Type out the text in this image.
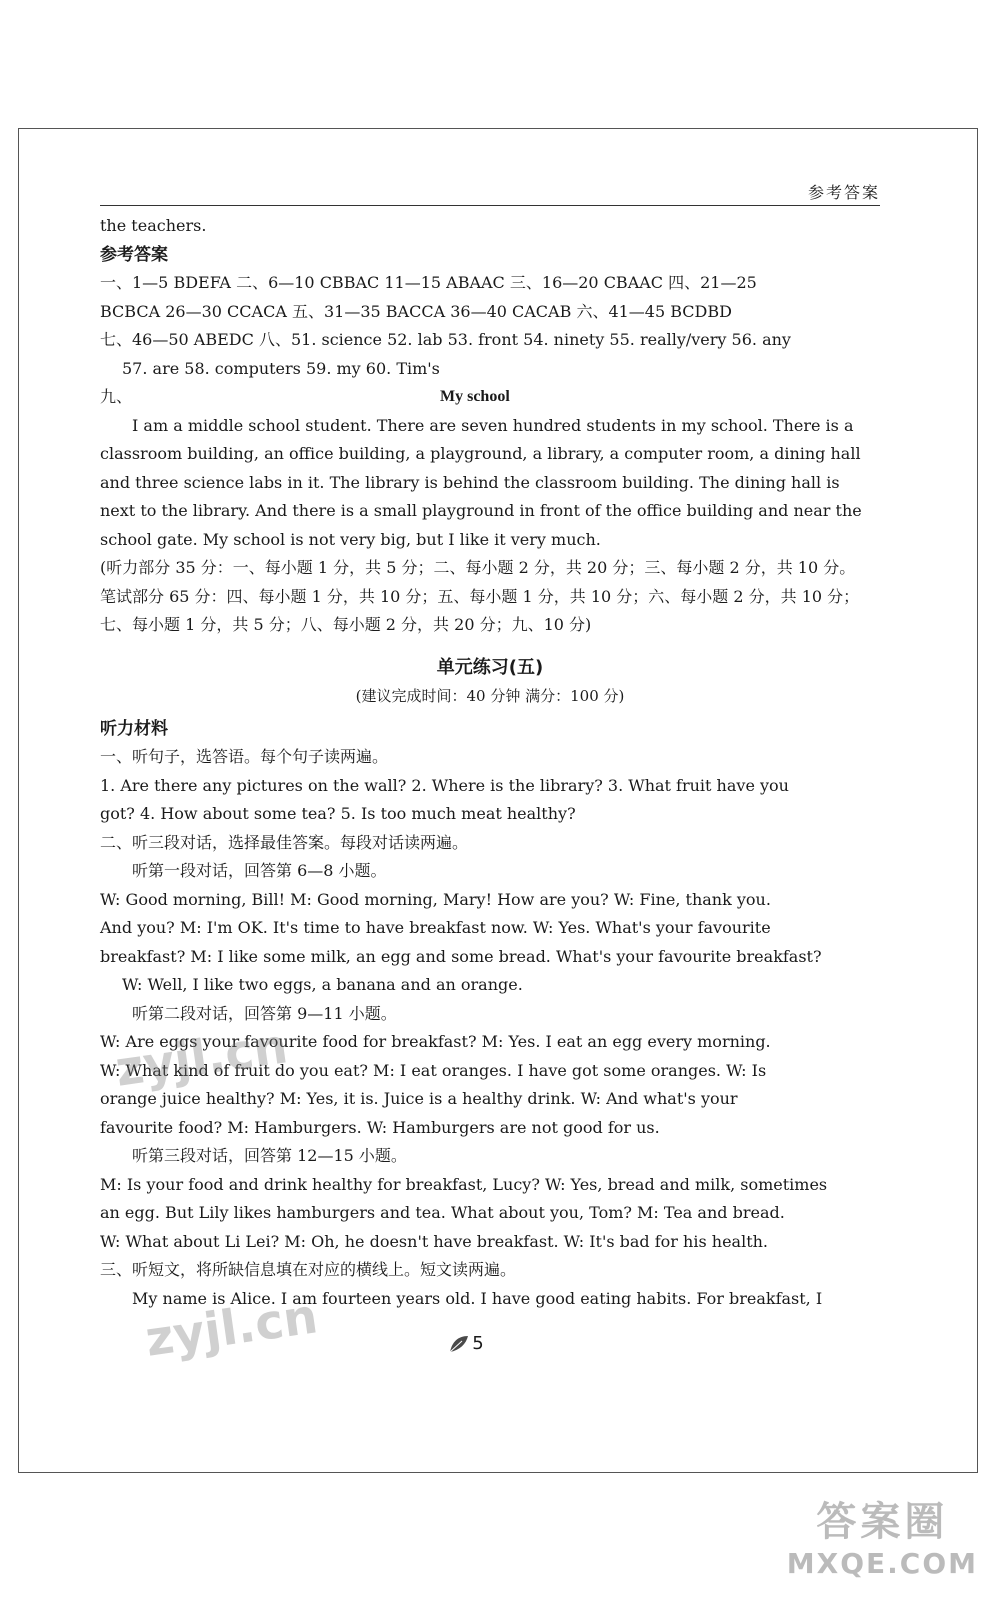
参考答案

the teachers.

参考答案

一、1—5 BDEFA 二、6—10 CBBAC 11—15 ABAAC 三、16—20 CBAAC 四、21—25

BCBCA 26—30 CCACA 五、31—35 BACCA 36—40 CACAB 六、41—45 BCDBD

七、46—50 ABEDC 八、51. science 52. lab 53. front 54. ninety 55. really/very 56. any

57. are 58. computers 59. my 60. Tim's

九、	My school

I am a middle school student. There are seven hundred students in my school. There is a

classroom building, an office building, a playground, a library, a computer room, a dining hall

and three science labs in it. The library is behind the classroom building. The dining hall is

next to the library. And there is a small playground in front of the office building and near the

school gate. My school is not very big, but I like it very much.

(听力部分 35 分：一、每小题 1 分，共 5 分；二、每小题 2 分，共 20 分；三、每小题 2 分，共 10 分。

笔试部分 65 分：四、每小题 1 分，共 10 分；五、每小题 1 分，共 10 分；六、每小题 2 分，共 10 分；

七、每小题 1 分，共 5 分；八、每小题 2 分，共 20 分；九、10 分)

单元练习(五)

(建议完成时间：40 分钟 满分：100 分)

听力材料

一、听句子，选答语。每个句子读两遍。

1. Are there any pictures on the wall? 2. Where is the library? 3. What fruit have you

got? 4. How about some tea? 5. Is too much meat healthy?

二、听三段对话，选择最佳答案。每段对话读两遍。

听第一段对话，回答第 6—8 小题。

W: Good morning, Bill! M: Good morning, Mary! How are you? W: Fine, thank you.

And you? M: I'm OK. It's time to have breakfast now. W: Yes. What's your favourite

breakfast? M: I like some milk, an egg and some bread. What's your favourite breakfast?

W: Well, I like two eggs, a banana and an orange.

听第二段对话，回答第 9—11 小题。

W: Are eggs your favourite food for breakfast? M: Yes. I eat an egg every morning.

W: What kind of fruit do you eat? M: I eat oranges. I have got some oranges. W: Is

orange juice healthy? M: Yes, it is. Juice is a healthy drink. W: And what's your

favourite food? M: Hamburgers. W: Hamburgers are not good for us.

听第三段对话，回答第 12—15 小题。

M: Is your food and drink healthy for breakfast, Lucy? W: Yes, bread and milk, sometimes

an egg. But Lily likes hamburgers and tea. What about you, Tom? M: Tea and bread.

W: What about Li Lei? M: Oh, he doesn't have breakfast. W: It's bad for his health.

三、听短文，将所缺信息填在对应的横线上。短文读两遍。

My name is Alice. I am fourteen years old. I have good eating habits. For breakfast, I

5
zyjl.cn
zyjl.cn
答案圈
MXQE.COM
